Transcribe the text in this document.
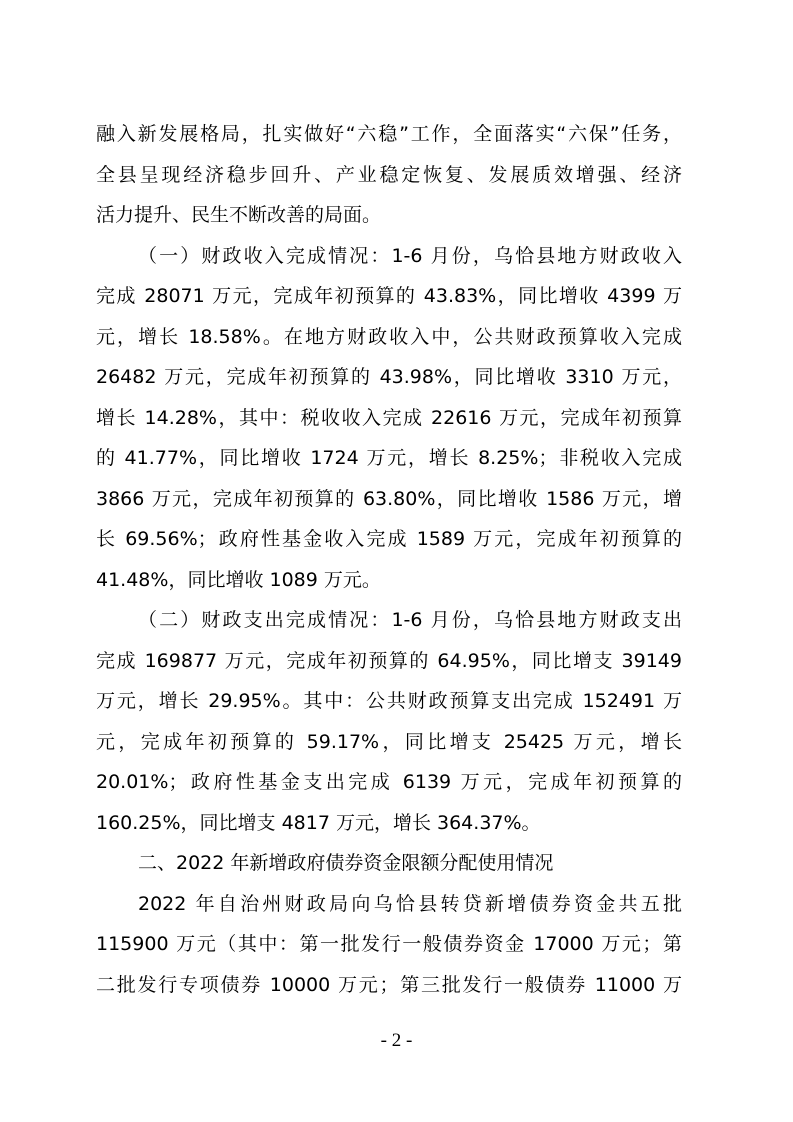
融入新发展格局，扎实做好“六稳”工作，全面落实“六保”任务，
全县呈现经济稳步回升、产业稳定恢复、发展质效增强、经济
活力提升、民生不断改善的局面。
（一）财政收入完成情况：1-6 月份，乌恰县地方财政收入
完成 28071 万元，完成年初预算的 43.83%，同比增收 4399 万
元，增长 18.58%。在地方财政收入中，公共财政预算收入完成
26482 万元，完成年初预算的 43.98%，同比增收 3310 万元，
增长 14.28%，其中：税收收入完成 22616 万元，完成年初预算
的 41.77%，同比增收 1724 万元，增长 8.25%；非税收入完成
3866 万元，完成年初预算的 63.80%，同比增收 1586 万元，增
长 69.56%；政府性基金收入完成 1589 万元，完成年初预算的
41.48%，同比增收 1089 万元。
（二）财政支出完成情况：1-6 月份，乌恰县地方财政支出
完成 169877 万元，完成年初预算的 64.95%，同比增支 39149
万元，增长 29.95%。其中：公共财政预算支出完成 152491 万
元，完成年初预算的 59.17%，同比增支 25425 万元，增长
20.01%；政府性基金支出完成 6139 万元，完成年初预算的
160.25%，同比增支 4817 万元，增长 364.37%。
二、2022 年新增政府债券资金限额分配使用情况
2022 年自治州财政局向乌恰县转贷新增债券资金共五批
115900 万元（其中：第一批发行一般债券资金 17000 万元；第
二批发行专项债券 10000 万元；第三批发行一般债券 11000 万
- 2 -
